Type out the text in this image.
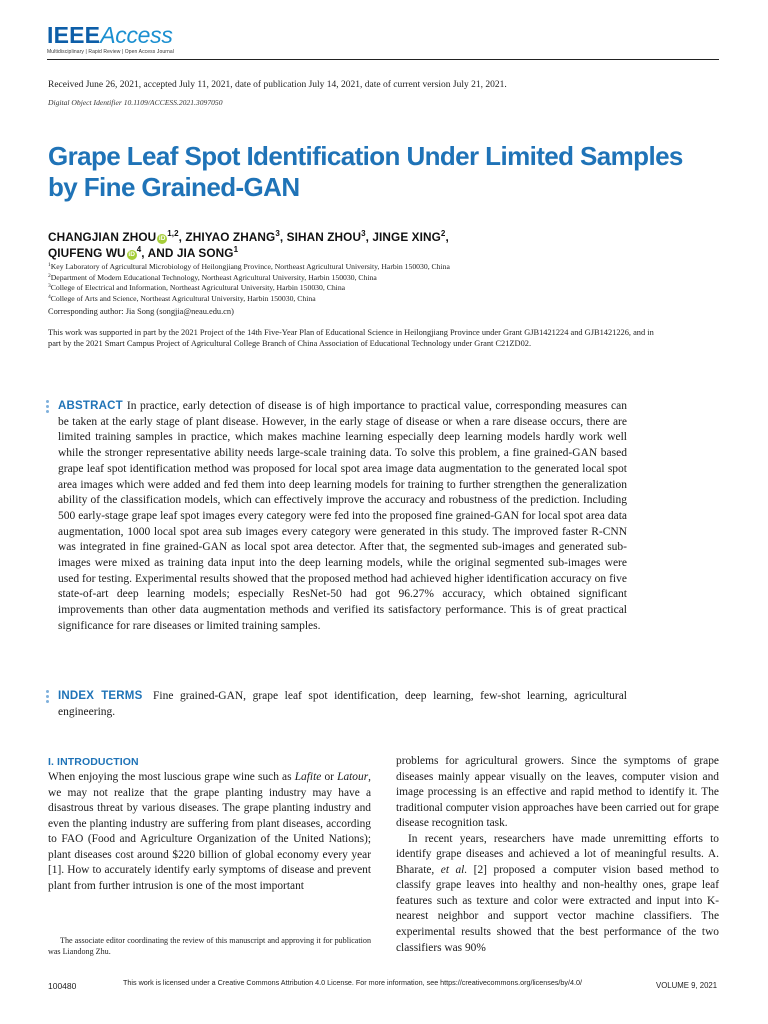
IEEEAccess
Multidisciplinary | Rapid Review | Open Access Journal
Received June 26, 2021, accepted July 11, 2021, date of publication July 14, 2021, date of current version July 21, 2021.
Digital Object Identifier 10.1109/ACCESS.2021.3097050
Grape Leaf Spot Identification Under Limited Samples by Fine Grained-GAN
CHANGJIAN ZHOU iD$^{1,2}$, ZHIYAO ZHANG$^3$, SIHAN ZHOU$^3$, JINGE XING$^2$,
QIUFENG WU $iD^4$, AND JIA SONG$^1$
$^1$Key Laboratory of Agricultural Microbiology of Heilongjiang Province, Northeast Agricultural University, Harbin 150030, China
$^2$Department of Modern Educational Technology, Northeast Agricultural University, Harbin 150030, China
$^3$College of Electrical and Information, Northeast Agricultural University, Harbin 150030, China
$^4$College of Arts and Science, Northeast Agricultural University, Harbin 150030, China
Corresponding author: Jia Song (songjia@neau.edu.cn)
This work was supported in part by the 2021 Project of the 14th Five-Year Plan of Educational Science in Heilongjiang Province under Grant GJB1421224 and GJB1421226, and in part by the 2021 Smart Campus Project of Agricultural College Branch of China Association of Educational Technology under Grant C21ZD02.

ABSTRACT In practice, early detection of disease is of high importance to practical value, corresponding measures can be taken at the early stage of plant disease. However, in the early stage of disease or when a rare disease occurs, there are limited training samples in practice, which makes machine learning especially deep learning models hardly work well while the stronger representative ability needs large-scale training data. To solve this problem, a fine grained-GAN based grape leaf spot identification method was proposed for local spot area image data augmentation to the generated local spot area images which were added and fed them into deep learning models for training to further strengthen the generalization ability of the classification models, which can effectively improve the accuracy and robustness of the prediction. Including 500 early-stage grape leaf spot images every category were fed into the proposed fine grained-GAN for local spot area data augmentation, 1000 local spot area sub images every category were generated in this study. The improved faster R-CNN was integrated in fine grained-GAN as local spot area detector. After that, the segmented sub-images and generated sub-images were mixed as training data input into the deep learning models, while the original segmented sub-images were used for testing. Experimental results showed that the proposed method had achieved higher identification accuracy on five state-of-art deep learning models; especially ResNet-50 had got 96.27% accuracy, which obtained significant improvements than other data augmentation methods and verified its satisfactory performance. This is of great practical significance for rare diseases or limited training samples.

INDEX TERMS Fine grained-GAN, grape leaf spot identification, deep learning, few-shot learning, agricultural engineering.

I. INTRODUCTION

When enjoying the most luscious grape wine such as Lafite or Latour, we may not realize that the grape planting industry may have a disastrous threat by various diseases. The grape planting industry and even the planting industry are suffering from plant diseases, according to FAO (Food and Agriculture Organization of the United Nations); plant diseases cost around $220 billion of global economy every year [1]. How to accurately identify early symptoms of disease and prevent plant from further intrusion is one of the most important

The associate editor coordinating the review of this manuscript and approving it for publication was Liandong Zhu.

problems for agricultural growers. Since the symptoms of grape diseases mainly appear visually on the leaves, computer vision and image processing is an effective and rapid method to identify it. The traditional computer vision approaches have been carried out for grape disease recognition task.

In recent years, researchers have made unremitting efforts to identify grape diseases and achieved a lot of meaningful results. A. Bharate, et al. [2] proposed a computer vision based method to classify grape leaves into healthy and non-healthy ones, grape leaf features such as texture and color were extracted and input into K-nearest neighbor and support vector machine classifiers. The experimental results showed that the best performance of the two classifiers was 90%

100480	This work is licensed under a Creative Commons Attribution 4.0 License. For more information, see https://creativecommons.org/licenses/by/4.0/	VOLUME 9, 2021
